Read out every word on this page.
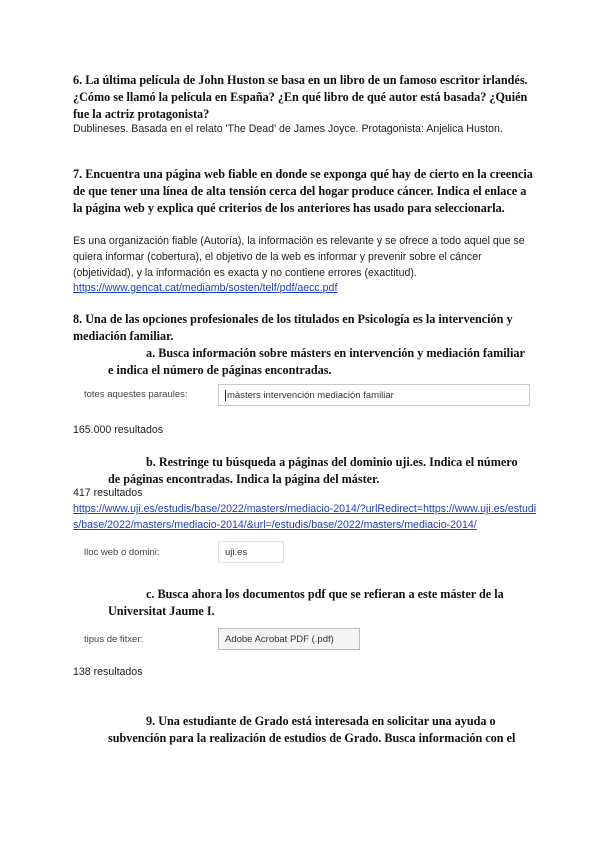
6. La última película de John Huston se basa en un libro de un famoso escritor irlandés. ¿Cómo se llamó la película en España? ¿En qué libro de qué autor está basada? ¿Quién fue la actriz protagonista?
Dublineses. Basada en el relato 'The Dead' de James Joyce. Protagonista: Anjelica Huston.
7. Encuentra una página web fiable en donde se exponga qué hay de cierto en la creencia de que tener una línea de alta tensión cerca del hogar produce cáncer. Indica el enlace a la página web y explica qué criterios de los anteriores has usado para seleccionarla.
Es una organización fiable (Autoría), la información es relevante y se ofrece a todo aquel que se quiera informar (cobertura), el objetivo de la web es informar y prevenir sobre el cáncer (objetividad), y la información es exacta y no contiene errores (exactitud).
https://www.gencat.cat/mediamb/sosten/telf/pdf/aecc.pdf
8. Una de las opciones profesionales de los titulados en Psicología es la intervención y mediación familiar.
a. Busca información sobre másters en intervención y mediación familiar e indica el número de páginas encontradas.
totes aquestes paraules:	màsters intervención mediación familiar
165.000 resultados
b. Restringe tu búsqueda a páginas del dominio uji.es. Indica el número de páginas encontradas. Indica la página del máster.
417 resultados
https://www.uji.es/estudis/base/2022/masters/mediacio-2014/?urlRedirect=https://www.uji.es/estudis/base/2022/masters/mediacio-2014/&url=/estudis/base/2022/masters/mediacio-2014/
lloc web o domini:	uji.es
c. Busca ahora los documentos pdf que se refieran a este máster de la Universitat Jaume I.
tipus de fitxer:	Adobe Acrobat PDF (.pdf)
138 resultados
9. Una estudiante de Grado está interesada en solicitar una ayuda o subvención para la realización de estudios de Grado. Busca información con el
